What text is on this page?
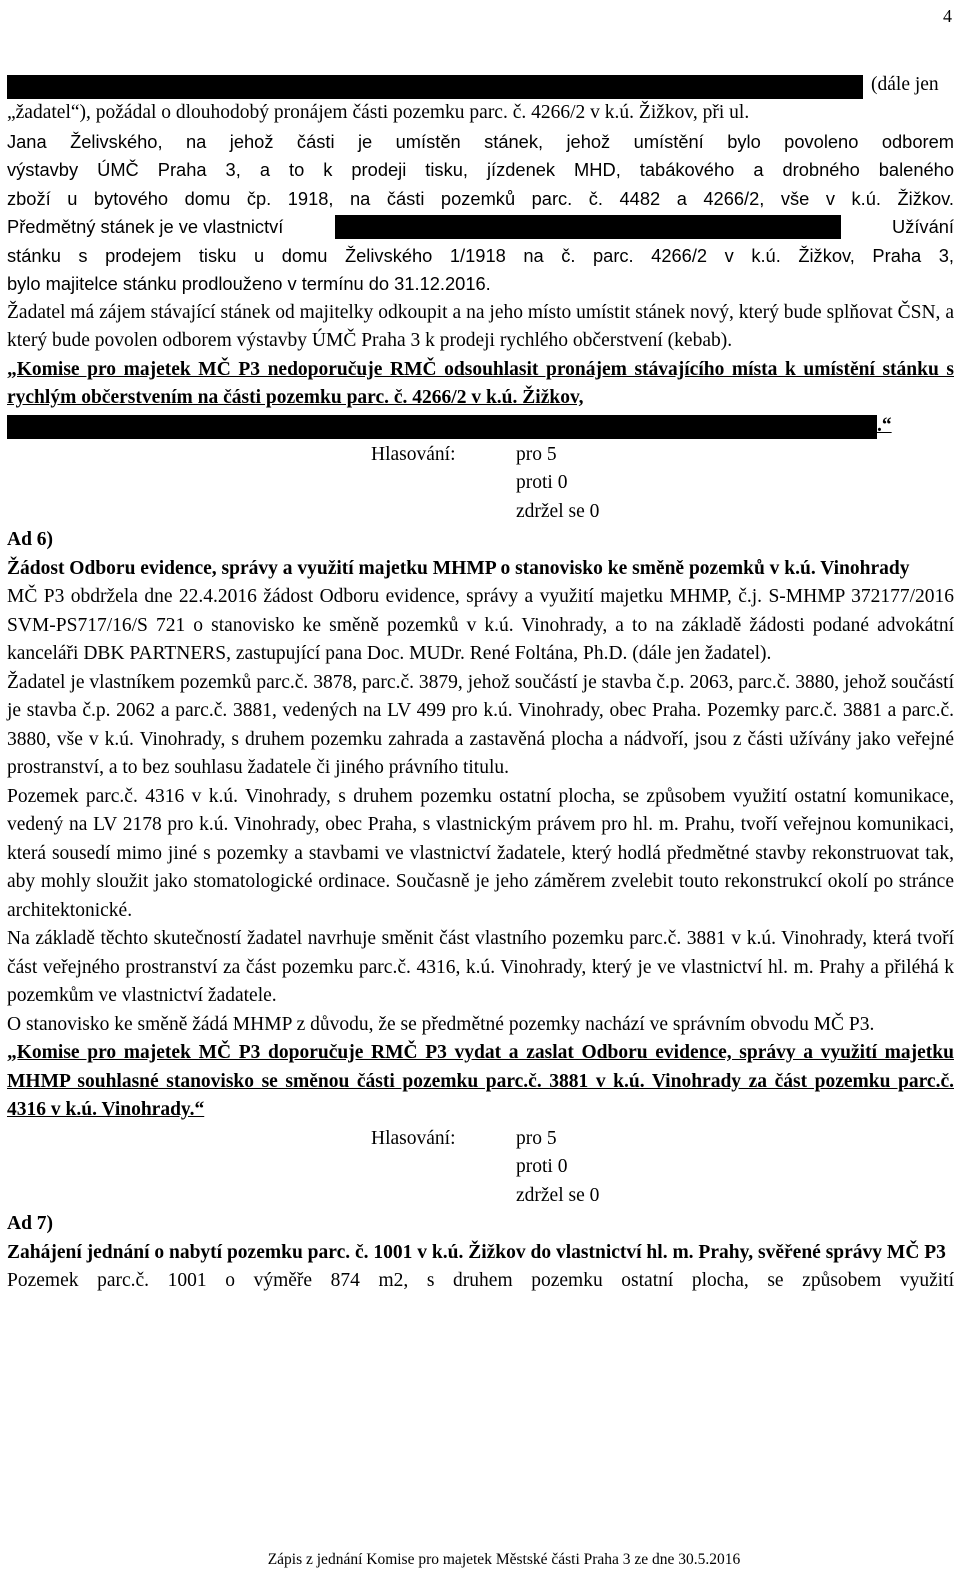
4
(dále jen
„žadatel“), požádal o dlouhodobý pronájem části pozemku parc. č. 4266/2 v k.ú. Žižkov, při ul.
Jana Želivského, na jehož části je umístěn stánek, jehož umístění bylo povoleno odborem
výstavby ÚMČ Praha 3, a to k prodeji tisku, jízdenek MHD, tabákového a drobného baleného
zboží u bytového domu čp. 1918, na části pozemků parc. č. 4482 a 4266/2, vše v k.ú. Žižkov.
Předmětný stánek je ve vlastnictví	Užívání
stánku s prodejem tisku u domu Želivského 1/1918 na č. parc. 4266/2 v k.ú. Žižkov, Praha 3,
bylo majitelce stánku prodlouženo v termínu do 31.12.2016.
Žadatel má zájem stávající stánek od majitelky odkoupit a na jeho místo umístit stánek nový, který bude splňovat ČSN, a který bude povolen odborem výstavby ÚMČ Praha 3 k prodeji rychlého občerstvení (kebab).
„Komise pro majetek MČ P3 nedoporučuje RMČ odsouhlasit pronájem stávajícího místa k umístění stánku s rychlým občerstvením na části pozemku parc. č. 4266/2 v k.ú. Žižkov,
.“
Hlasování:	pro 5
proti 0
zdržel se 0
Ad 6)
Žádost Odboru evidence, správy a využití majetku MHMP o stanovisko ke směně pozemků v k.ú. Vinohrady
MČ P3 obdržela dne 22.4.2016 žádost Odboru evidence, správy a využití majetku MHMP, č.j. S-MHMP 372177/2016 SVM-PS717/16/S 721 o stanovisko ke směně pozemků v k.ú. Vinohrady, a to na základě žádosti podané advokátní kanceláři DBK PARTNERS, zastupující pana Doc. MUDr. René Foltána, Ph.D. (dále jen žadatel).
Žadatel je vlastníkem pozemků parc.č. 3878, parc.č. 3879, jehož součástí je stavba č.p. 2063, parc.č. 3880, jehož součástí je stavba č.p. 2062 a parc.č. 3881, vedených na LV 499 pro k.ú. Vinohrady, obec Praha. Pozemky parc.č. 3881 a parc.č. 3880, vše v k.ú. Vinohrady, s druhem pozemku zahrada a zastavěná plocha a nádvoří, jsou z části užívány jako veřejné prostranství, a to bez souhlasu žadatele či jiného právního titulu.
Pozemek parc.č. 4316 v k.ú. Vinohrady, s druhem pozemku ostatní plocha, se způsobem využití ostatní komunikace, vedený na LV 2178 pro k.ú. Vinohrady, obec Praha, s vlastnickým právem pro hl. m. Prahu, tvoří veřejnou komunikaci, která sousedí mimo jiné s pozemky a stavbami ve vlastnictví žadatele, který hodlá předmětné stavby rekonstruovat tak, aby mohly sloužit jako stomatologické ordinace. Současně je jeho záměrem zvelebit touto rekonstrukcí okolí po stránce architektonické.
Na základě těchto skutečností žadatel navrhuje směnit část vlastního pozemku parc.č. 3881 v k.ú. Vinohrady, která tvoří část veřejného prostranství za část pozemku parc.č. 4316, k.ú. Vinohrady, který je ve vlastnictví hl. m. Prahy a přiléhá k pozemkům ve vlastnictví žadatele.
O stanovisko ke směně žádá MHMP z důvodu, že se předmětné pozemky nachází ve správním obvodu MČ P3.
„Komise pro majetek MČ P3 doporučuje RMČ P3 vydat a zaslat Odboru evidence, správy a využití majetku MHMP souhlasné stanovisko se směnou části pozemku parc.č. 3881 v k.ú. Vinohrady za část pozemku parc.č. 4316 v k.ú. Vinohrady.“
Hlasování:	pro 5
proti 0
zdržel se 0
Ad 7)
Zahájení jednání o nabytí pozemku parc. č. 1001 v k.ú. Žižkov do vlastnictví hl. m. Prahy, svěřené správy MČ P3
Pozemek parc.č. 1001 o výměře 874 m2, s druhem pozemku ostatní plocha, se způsobem využití
Zápis z jednání Komise pro majetek Městské části Praha 3 ze dne 30.5.2016
